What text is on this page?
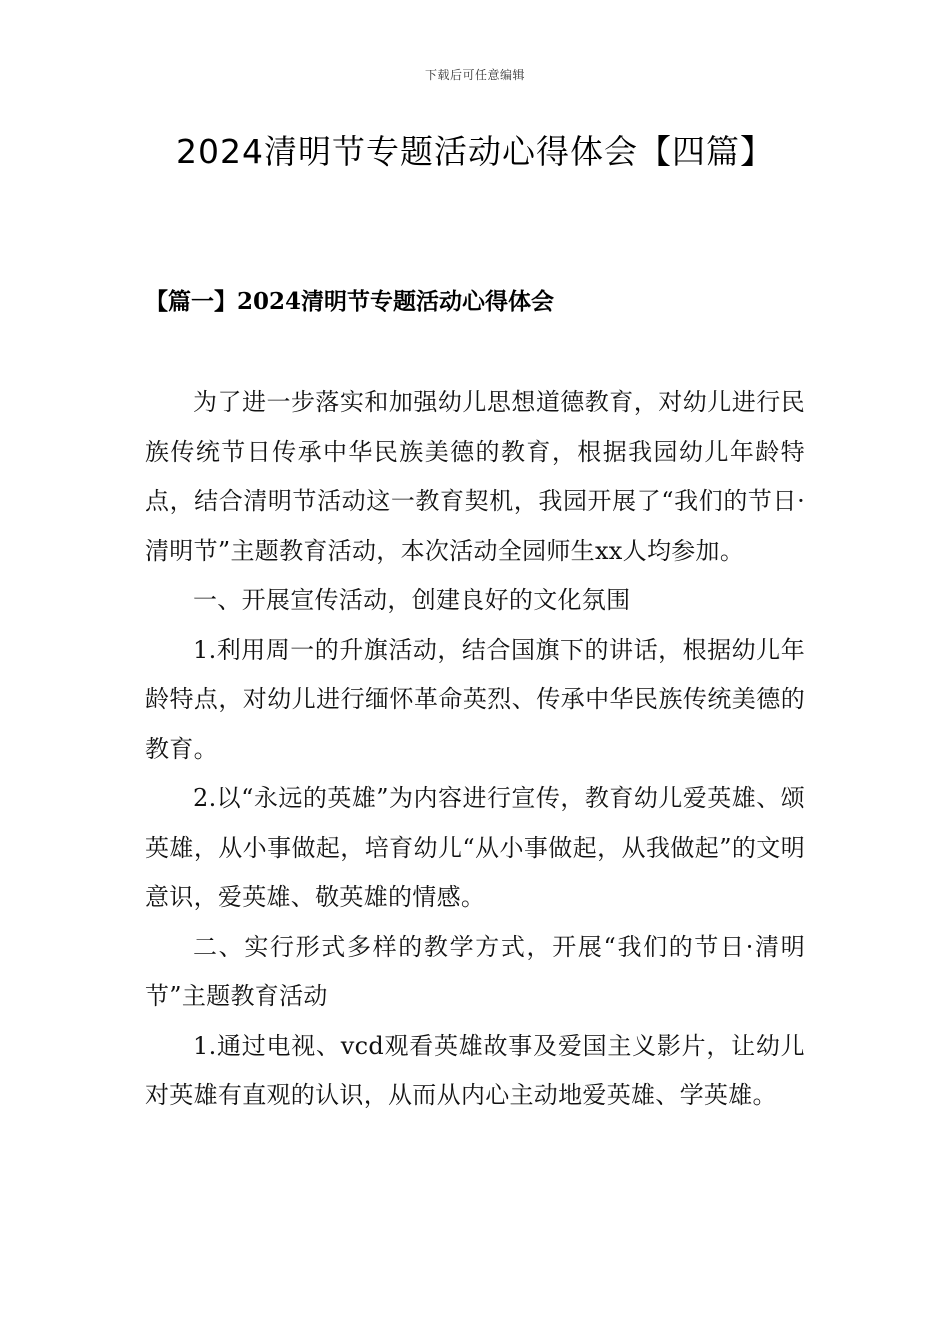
下载后可任意编辑
2024清明节专题活动心得体会【四篇】
【篇一】2024清明节专题活动心得体会

为了进一步落实和加强幼儿思想道德教育，对幼儿进行民族传统节日传承中华民族美德的教育，根据我园幼儿年龄特点，结合清明节活动这一教育契机，我园开展了“我们的节日·清明节”主题教育活动，本次活动全园师生xx人均参加。

一、开展宣传活动，创建良好的文化氛围

1.利用周一的升旗活动，结合国旗下的讲话，根据幼儿年龄特点，对幼儿进行缅怀革命英烈、传承中华民族传统美德的教育。

2.以“永远的英雄”为内容进行宣传，教育幼儿爱英雄、颂英雄，从小事做起，培育幼儿“从小事做起，从我做起”的文明意识，爱英雄、敬英雄的情感。

二、实行形式多样的教学方式，开展“我们的节日·清明节”主题教育活动

1.通过电视、vcd观看英雄故事及爱国主义影片，让幼儿对英雄有直观的认识，从而从内心主动地爱英雄、学英雄。
